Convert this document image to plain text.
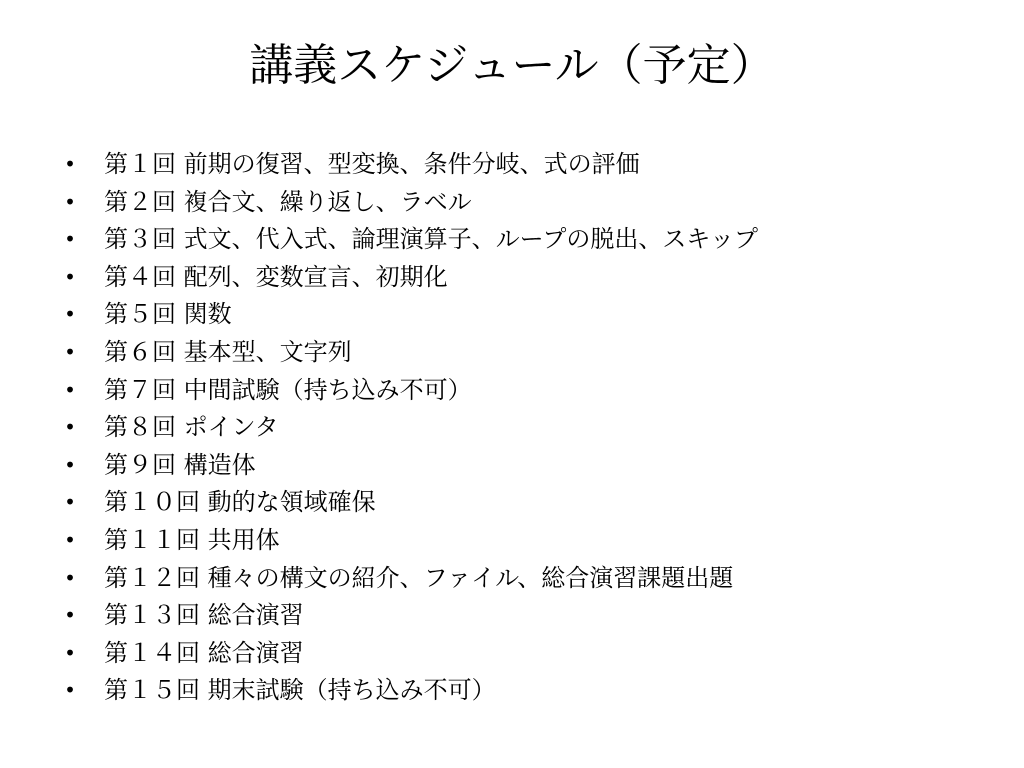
講義スケジュール（予定）
• 第１回 前期の復習、型変換、条件分岐、式の評価
• 第２回 複合文、繰り返し、ラベル
• 第３回 式文、代入式、論理演算子、ループの脱出、スキップ
• 第４回 配列、変数宣言、初期化
• 第５回 関数
• 第６回 基本型、文字列
• 第７回 中間試験（持ち込み不可）
• 第８回 ポインタ
• 第９回 構造体
• 第１０回 動的な領域確保
• 第１１回 共用体
• 第１２回 種々の構文の紹介、ファイル、総合演習課題出題
• 第１３回 総合演習
• 第１４回 総合演習
• 第１５回 期末試験（持ち込み不可）
